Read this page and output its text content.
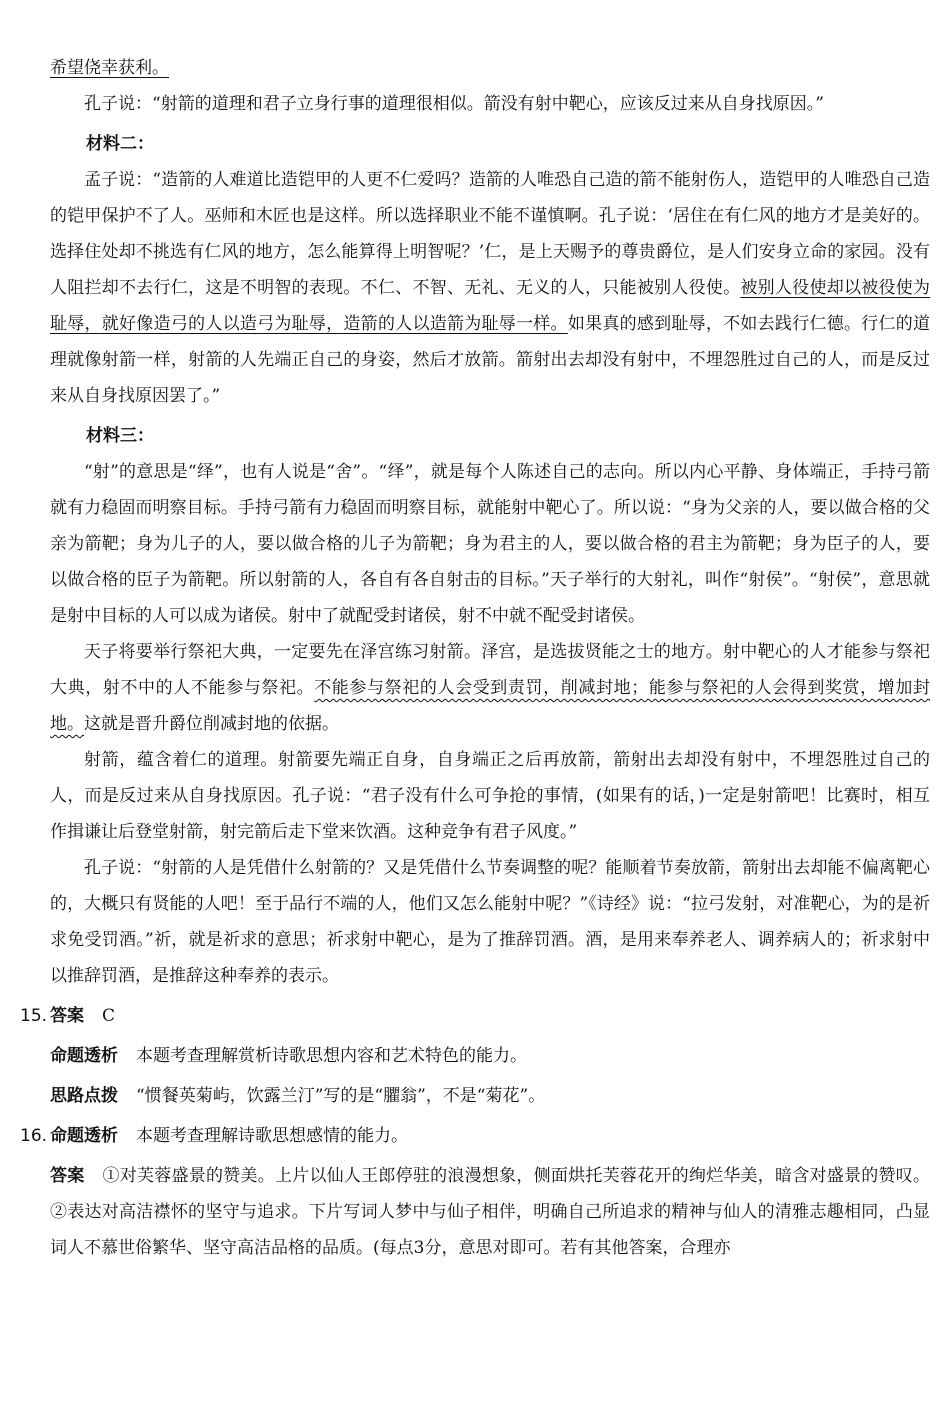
希望侥幸获利。

孔子说：“射箭的道理和君子立身行事的道理很相似。箭没有射中靶心，应该反过来从自身找原因。”

材料二：

孟子说：“造箭的人难道比造铠甲的人更不仁爱吗？造箭的人唯恐自己造的箭不能射伤人，造铠甲的人唯恐自己造的铠甲保护不了人。巫师和木匠也是这样。所以选择职业不能不谨慎啊。孔子说：‘居住在有仁风的地方才是美好的。选择住处却不挑选有仁风的地方，怎么能算得上明智呢？’仁，是上天赐予的尊贵爵位，是人们安身立命的家园。没有人阻拦却不去行仁，这是不明智的表现。不仁、不智、无礼、无义的人，只能被别人役使。被别人役使却以被役使为耻辱，就好像造弓的人以造弓为耻辱，造箭的人以造箭为耻辱一样。如果真的感到耻辱，不如去践行仁德。行仁的道理就像射箭一样，射箭的人先端正自己的身姿，然后才放箭。箭射出去却没有射中，不埋怨胜过自己的人，而是反过来从自身找原因罢了。”

材料三：

“射”的意思是“绎”，也有人说是“舍”。“绎”，就是每个人陈述自己的志向。所以内心平静、身体端正，手持弓箭就有力稳固而明察目标。手持弓箭有力稳固而明察目标，就能射中靶心了。所以说：“身为父亲的人，要以做合格的父亲为箭靶；身为儿子的人，要以做合格的儿子为箭靶；身为君主的人，要以做合格的君主为箭靶；身为臣子的人，要以做合格的臣子为箭靶。所以射箭的人，各自有各自射击的目标。”天子举行的大射礼，叫作“射侯”。“射侯”，意思就是射中目标的人可以成为诸侯。射中了就配受封诸侯，射不中就不配受封诸侯。

天子将要举行祭祀大典，一定要先在泽宫练习射箭。泽宫，是选拔贤能之士的地方。射中靶心的人才能参与祭祀大典，射不中的人不能参与祭祀。不能参与祭祀的人会受到责罚，削减封地；能参与祭祀的人会得到奖赏，增加封地。这就是晋升爵位削减封地的依据。

射箭，蕴含着仁的道理。射箭要先端正自身，自身端正之后再放箭，箭射出去却没有射中，不埋怨胜过自己的人，而是反过来从自身找原因。孔子说：“君子没有什么可争抢的事情，(如果有的话，)一定是射箭吧！比赛时，相互作揖谦让后登堂射箭，射完箭后走下堂来饮酒。这种竞争有君子风度。”

孔子说：“射箭的人是凭借什么射箭的？又是凭借什么节奏调整的呢？能顺着节奏放箭，箭射出去却能不偏离靶心的，大概只有贤能的人吧！至于品行不端的人，他们又怎么能射中呢？”《诗经》说：“拉弓发射，对准靶心，为的是祈求免受罚酒。”祈，就是祈求的意思；祈求射中靶心，是为了推辞罚酒。酒，是用来奉养老人、调养病人的；祈求射中以推辞罚酒，是推辞这种奉养的表示。

15. 答案 C
命题透析 本题考查理解赏析诗歌思想内容和艺术特色的能力。
思路点拨 “惯餐英菊屿，饮露兰汀”写的是“臞翁”，不是“菊花”。
16. 命题透析 本题考查理解诗歌思想感情的能力。

答案 ①对芙蓉盛景的赞美。上片以仙人王郎停驻的浪漫想象，侧面烘托芙蓉花开的绚烂华美，暗含对盛景的赞叹。②表达对高洁襟怀的坚守与追求。下片写词人梦中与仙子相伴，明确自己所追求的精神与仙人的清雅志趣相同，凸显词人不慕世俗繁华、坚守高洁品格的品质。(每点3分，意思对即可。若有其他答案，合理亦
